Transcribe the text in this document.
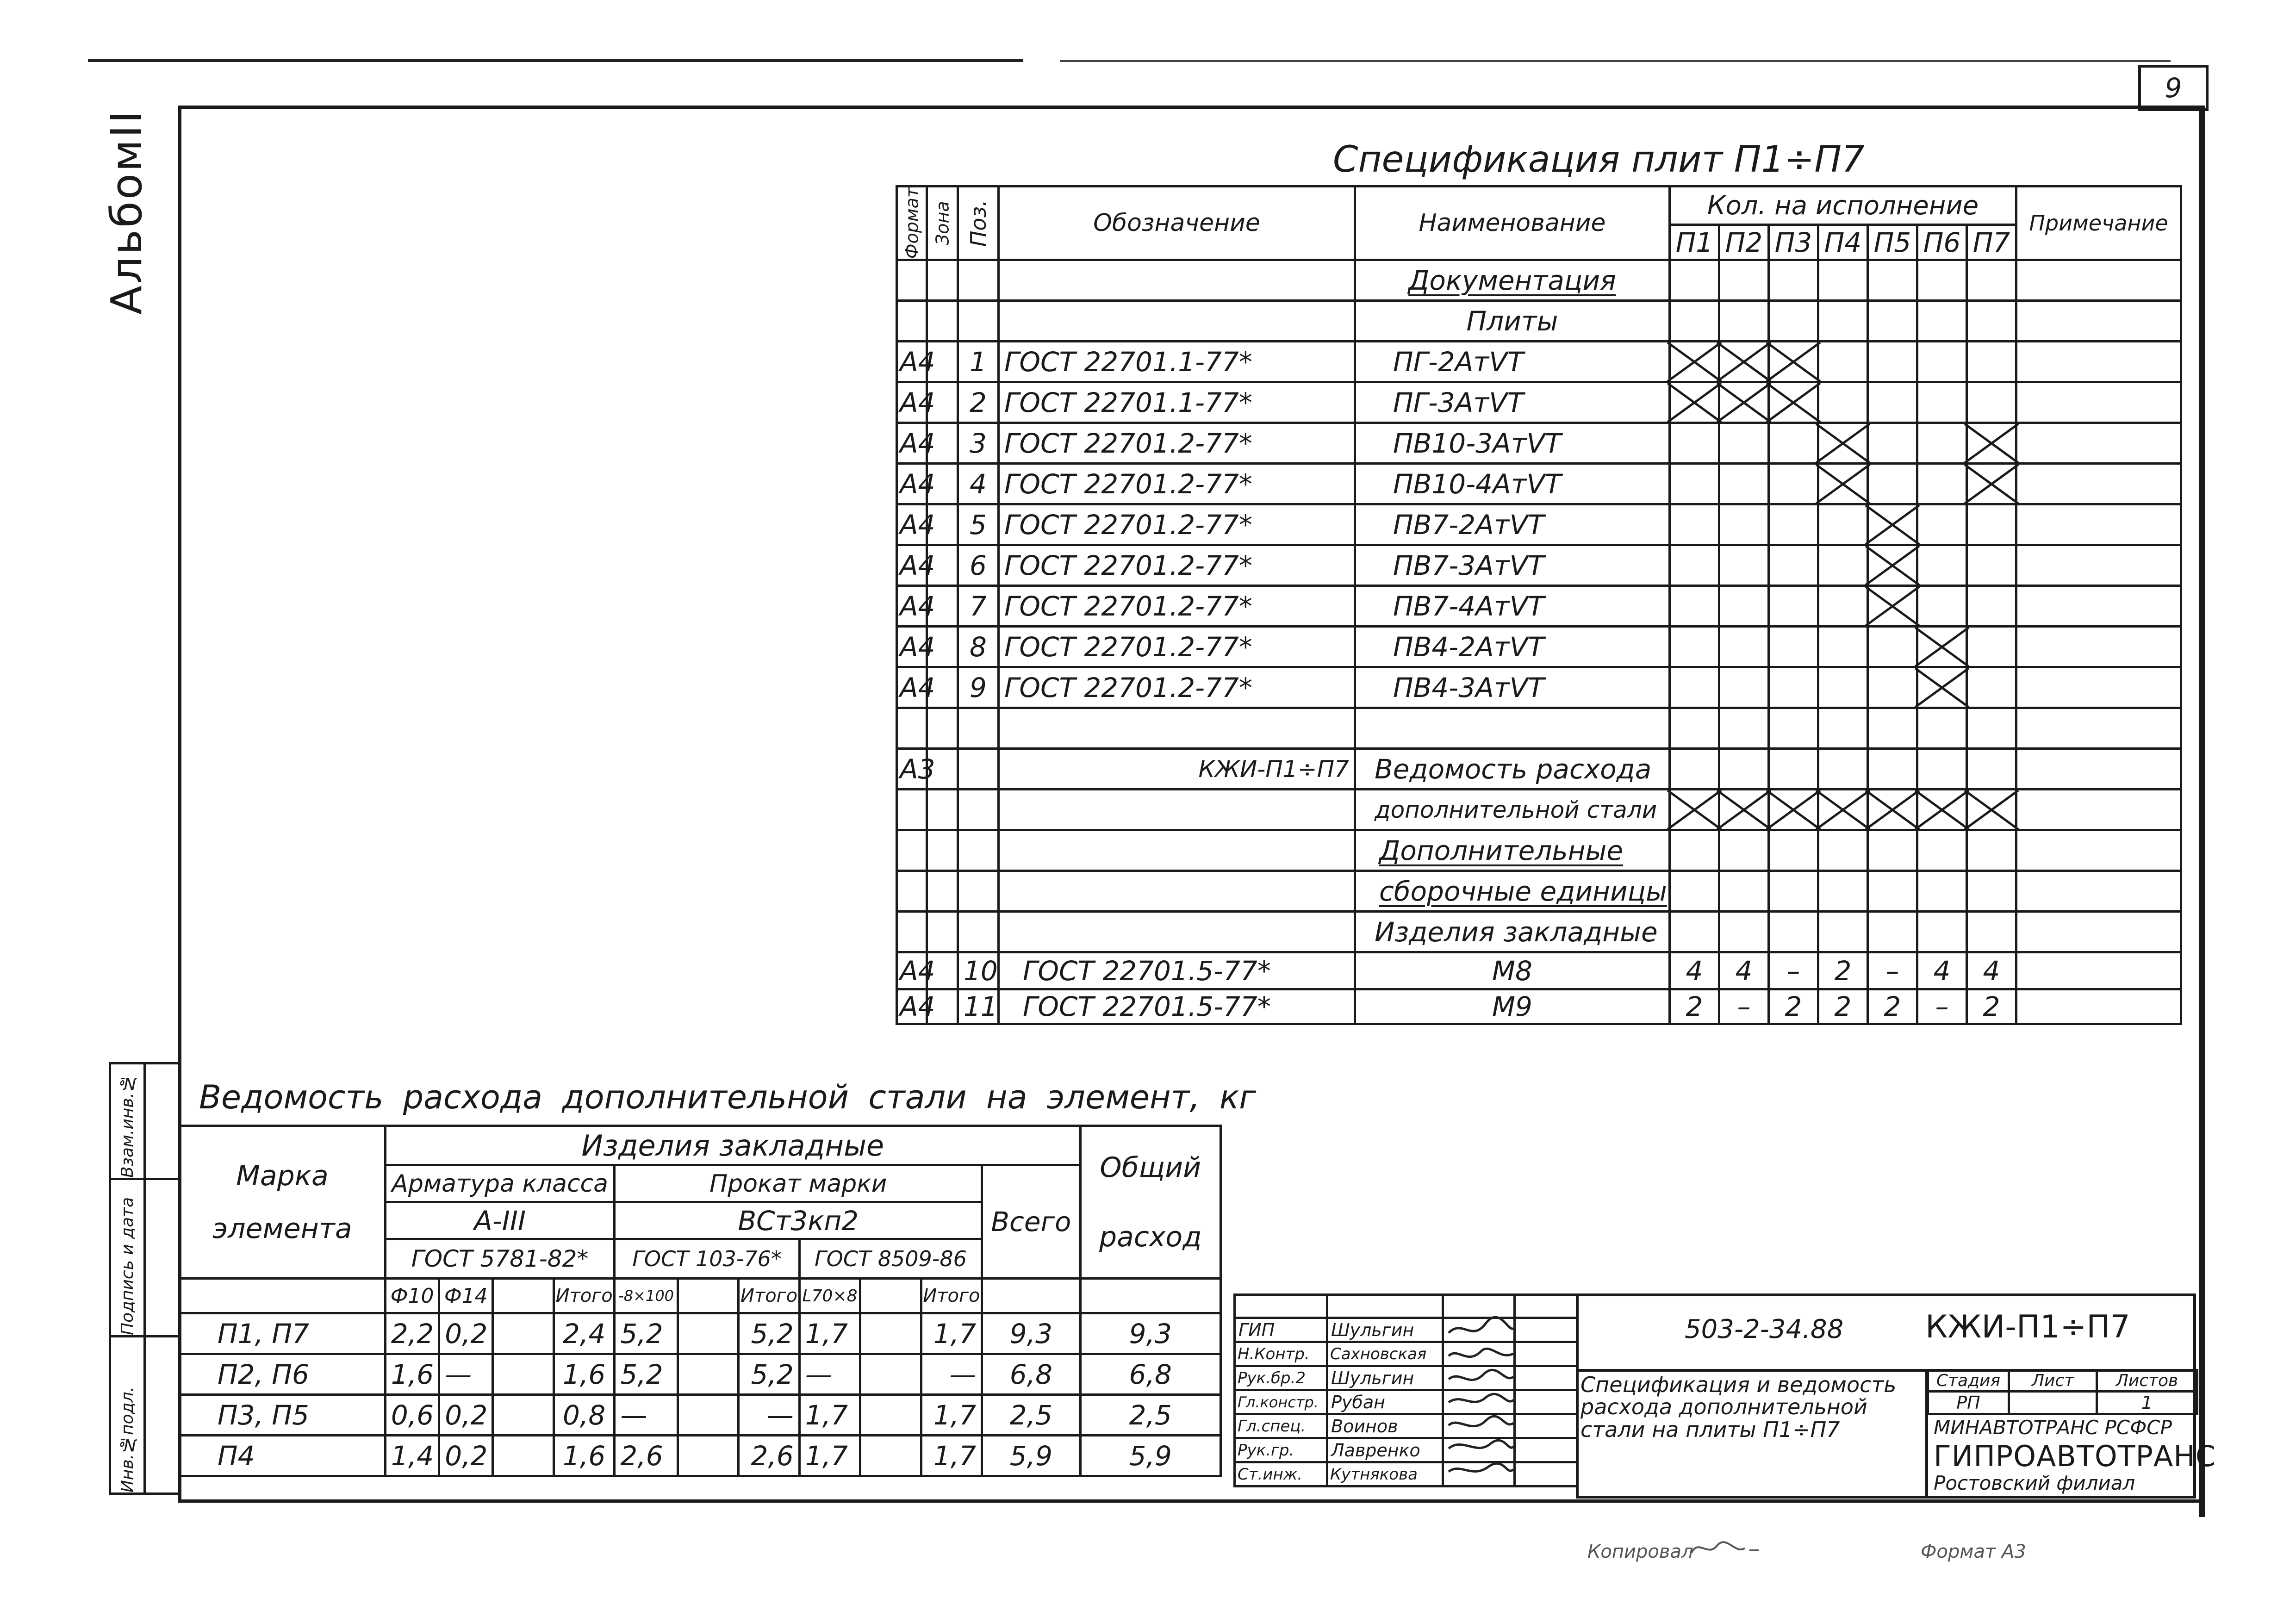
9
АльбомII	Спецификация плит П1÷П7
Формат	Зона	Поз.	Обозначение	Наименование	Кол. на исполнение							Примечание
					П1	П2	П3	П4	П5	П6	П7	
				Документация								
				Плиты								
А4		1	ГОСТ 22701.1-77*	ПГ-2АтVT								
А4		2	ГОСТ 22701.1-77*	ПГ-3АтVT								
А4		3	ГОСТ 22701.2-77*	ПВ10-3АтVT								
А4		4	ГОСТ 22701.2-77*	ПВ10-4АтVT								
А4		5	ГОСТ 22701.2-77*	ПВ7-2АтVT								
А4		6	ГОСТ 22701.2-77*	ПВ7-3АтVT								
А4		7	ГОСТ 22701.2-77*	ПВ7-4АтVT								
А4		8	ГОСТ 22701.2-77*	ПВ4-2АтVT								
А4		9	ГОСТ 22701.2-77*	ПВ4-3АтVT								

А3			КЖИ-П1÷П7	Ведомость расхода								
				дополнительной стали								
				Дополнительные								
				сборочные единицы								
				Изделия закладные								
А4		10	ГОСТ 22701.5-77*	М8	4	4	–	2	–	4	4	
А4		11	ГОСТ 22701.5-77*	М9	2	–	2	2	2	–	2	
Взам.инв.№	
Подпись и дата	
Инв.№подл.	
Ведомость расхода дополнительной стали на элемент, кг
Марка
элемента	Изделия закладные											Общий
расход
	Арматура класса				Прокат марки						Всего	
	А-III				ВСт3кп2							
	ГОСТ 5781-82*				ГОСТ 103-76*			ГОСТ 8509-86				
	Ф10	Ф14		Итого	-8×100		Итого	L70×8		Итого		
П1, П7	2,2	0,2		2,4	5,2		5,2	1,7		1,7	9,3	9,3
П2, П6	1,6	—		1,6	5,2		5,2	—		—	6,8	6,8
П3, П5	0,6	0,2		0,8	—		—	1,7		1,7	2,5	2,5
П4	1,4	0,2		1,6	2,6		2,6	1,7		1,7	5,9	5,9

ГИП	Шульгин		
Н.Контр.	Сахновская		
Рук.бр.2	Шульгин		
Гл.констр.	Рубан		
Гл.спец.	Воинов		
Рук.гр.	Лавренко		
Ст.инж.	Кутнякова		
503-2-34.88	КЖИ-П1÷П7
Спецификация и ведомость расхода дополнительной стали на плиты П1÷П7
Стадия	Лист	Листов
РП		1
МИНАВТОТРАНС РСФСР
ГИПРОАВТОТРАНС
Ростовский филиал
Копировал	Формат А3
